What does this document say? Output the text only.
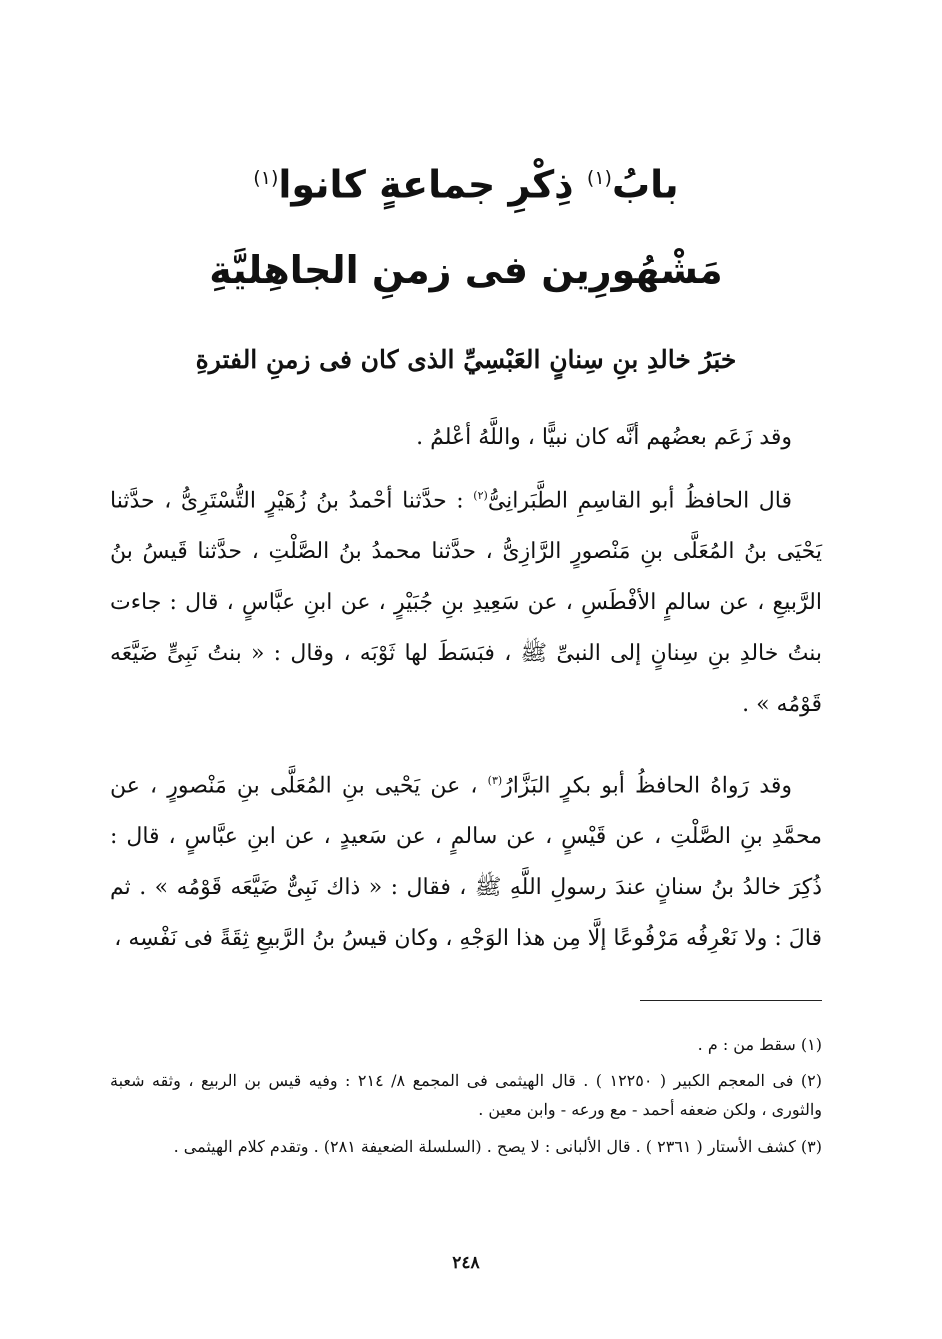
بابُ$^{(١)}$ ذِكْرِ جماعةٍ كانوا$^{(١)}$
مَشْهُورِين فى زمنِ الجاهِليَّةِ
خبَرُ خالدِ بنِ سِنانٍ العَبْسِيِّ الذى كان فى زمنِ الفترةِ
وقد زَعَم بعضُهم أنَّه كان نبيًّا ، واللَّهُ أعْلمُ .
قال الحافظُ أبو القاسِمِ الطَّبَرانِىُّ$^{(٢)}$ : حدَّثنا أحْمدُ بنُ زُهَيْرٍ التُّسْتَرِىُّ ، حدَّثنا يَحْيَى بنُ المُعَلَّى بنِ مَنْصورٍ الرَّازِىُّ ، حدَّثنا محمدُ بنُ الصَّلْتِ ، حدَّثنا قَيسُ بنُ الرَّبيعِ ، عن سالمٍ الأفْطَسِ ، عن سَعِيدِ بنِ جُبَيْرٍ ، عن ابنِ عبَّاسٍ ، قال : جاءت بنتُ خالدِ بنِ سِنانٍ إلى النبىِّ ﷺ ، فبَسَطَ لها ثَوْبَه ، وقال : « بنتُ نَبِىٍّ ضَيَّعَه قَوْمُه » .
وقد رَواهُ الحافظُ أبو بكرٍ البَزَّارُ$^{(٣)}$ ، عن يَحْيى بنِ المُعَلَّى بنِ مَنْصورٍ ، عن محمَّدِ بنِ الصَّلْتِ ، عن قَيْسٍ ، عن سالمٍ ، عن سَعيدٍ ، عن ابنِ عبَّاسٍ ، قال : ذُكِرَ خالدُ بنُ سنانٍ عندَ رسولِ اللَّهِ ﷺ ، فقال : « ذاك نَبِىٌّ ضَيَّعَه قَوْمُه » . ثم قالَ : ولا نَعْرِفُه مَرْفُوعًا إلَّا مِن هذا الوَجْهِ ، وكان قيسُ بنُ الرَّبيعِ ثِقَةً فى نَفْسِه ،
(١) سقط من : م .
(٢) فى المعجم الكبير ( ١٢٢٥٠ ) . قال الهيثمى فى المجمع ٨/ ٢١٤ : وفيه قيس بن الربيع ، وثقه شعبة والثورى ، ولكن ضعفه أحمد - مع ورعه - وابن معين .
(٣) كشف الأستار ( ٢٣٦١ ) . قال الألبانى : لا يصح . (السلسلة الضعيفة ٢٨١) . وتقدم كلام الهيثمى .
٢٤٨
